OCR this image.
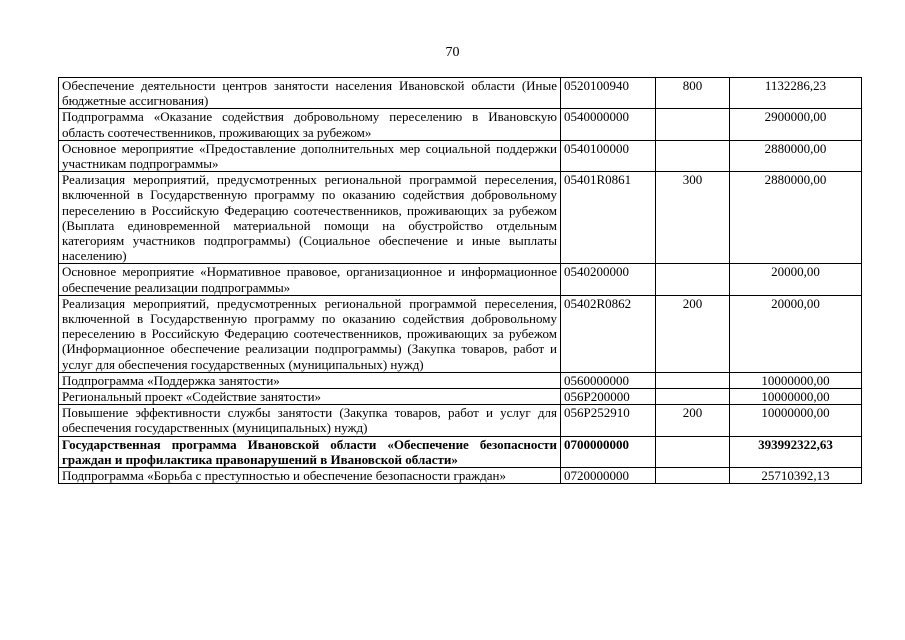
70
Обеспечение деятельности центров занятости населения Ивановской области (Иные бюджетные ассигнования)	0520100940	800	1132286,23
Подпрограмма «Оказание содействия добровольному переселению в Ивановскую область соотечественников, проживающих за рубежом»	0540000000		2900000,00
Основное мероприятие «Предоставление дополнительных мер социальной поддержки участникам подпрограммы»	0540100000		2880000,00
Реализация мероприятий, предусмотренных региональной программой переселения, включенной в Государственную программу по оказанию содействия добровольному переселению в Российскую Федерацию соотечественников, проживающих за рубежом (Выплата единовременной материальной помощи на обустройство отдельным категориям участников подпрограммы) (Социальное обеспечение и иные выплаты населению)	05401R0861	300	2880000,00
Основное мероприятие «Нормативное правовое, организационное и информационное обеспечение реализации подпрограммы»	0540200000		20000,00
Реализация мероприятий, предусмотренных региональной программой переселения, включенной в Государственную программу по оказанию содействия добровольному переселению в Российскую Федерацию соотечественников, проживающих за рубежом (Информационное обеспечение реализации подпрограммы) (Закупка товаров, работ и услуг для обеспечения государственных (муниципальных) нужд)	05402R0862	200	20000,00
Подпрограмма «Поддержка занятости»	0560000000		10000000,00
Региональный проект «Содействие занятости»	056P200000		10000000,00
Повышение эффективности службы занятости (Закупка товаров, работ и услуг для обеспечения государственных (муниципальных) нужд)	056P252910	200	10000000,00
Государственная программа Ивановской области «Обеспечение безопасности граждан и профилактика правонарушений в Ивановской области»	0700000000		393992322,63
Подпрограмма «Борьба с преступностью и обеспечение безопасности граждан»	0720000000		25710392,13
